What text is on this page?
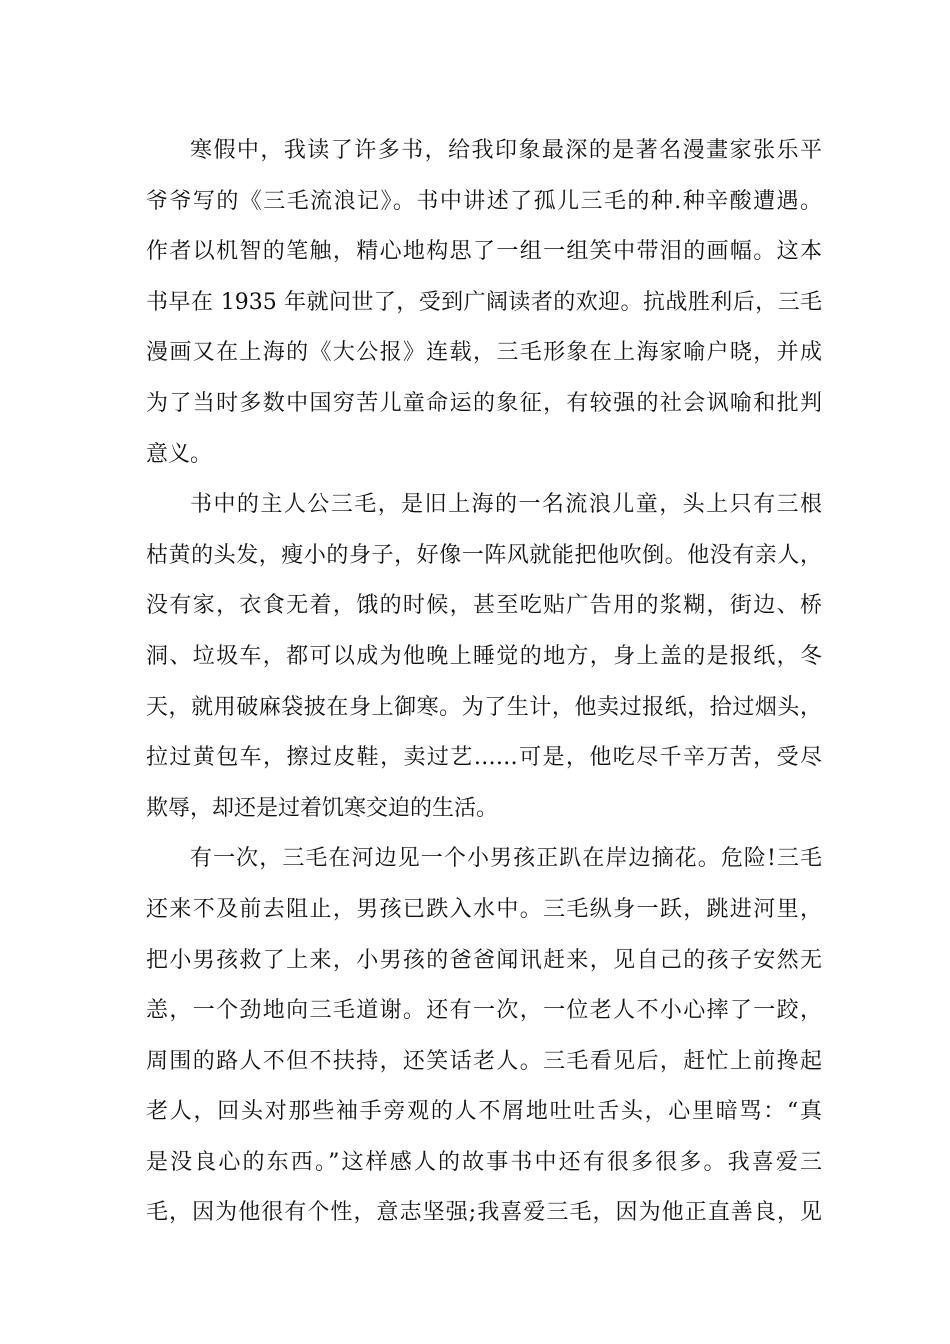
寒假中，我读了许多书，给我印象最深的是著名漫畫家张乐平
爷爷写的《三毛流浪记》。书中讲述了孤儿三毛的种.种辛酸遭遇。
作者以机智的笔触，精心地构思了一组一组笑中带泪的画幅。这本
书早在 1935 年就问世了，受到广阔读者的欢迎。抗战胜利后，三毛
漫画又在上海的《大公报》连载，三毛形象在上海家喻户晓，并成
为了当时多数中国穷苦儿童命运的象征，有较强的社会讽喻和批判
意义。
书中的主人公三毛，是旧上海的一名流浪儿童，头上只有三根
枯黄的头发，瘦小的身子，好像一阵风就能把他吹倒。他没有亲人，
没有家，衣食无着，饿的时候，甚至吃贴广告用的浆糊，街边、桥
洞、垃圾车，都可以成为他晚上睡觉的地方，身上盖的是报纸，冬
天，就用破麻袋披在身上御寒。为了生计，他卖过报纸，拾过烟头，
拉过黄包车，擦过皮鞋，卖过艺……可是，他吃尽千辛万苦，受尽
欺辱，却还是过着饥寒交迫的生活。
有一次，三毛在河边见一个小男孩正趴在岸边摘花。危险!三毛
还来不及前去阻止，男孩已跌入水中。三毛纵身一跃，跳进河里，
把小男孩救了上来，小男孩的爸爸闻讯赶来，见自己的孩子安然无
恙，一个劲地向三毛道谢。还有一次，一位老人不小心摔了一跤，
周围的路人不但不扶持，还笑话老人。三毛看见后，赶忙上前搀起
老人，回头对那些袖手旁观的人不屑地吐吐舌头，心里暗骂：“真
是没良心的东西。”这样感人的故事书中还有很多很多。我喜爱三
毛，因为他很有个性，意志坚强;我喜爱三毛，因为他正直善良，见
